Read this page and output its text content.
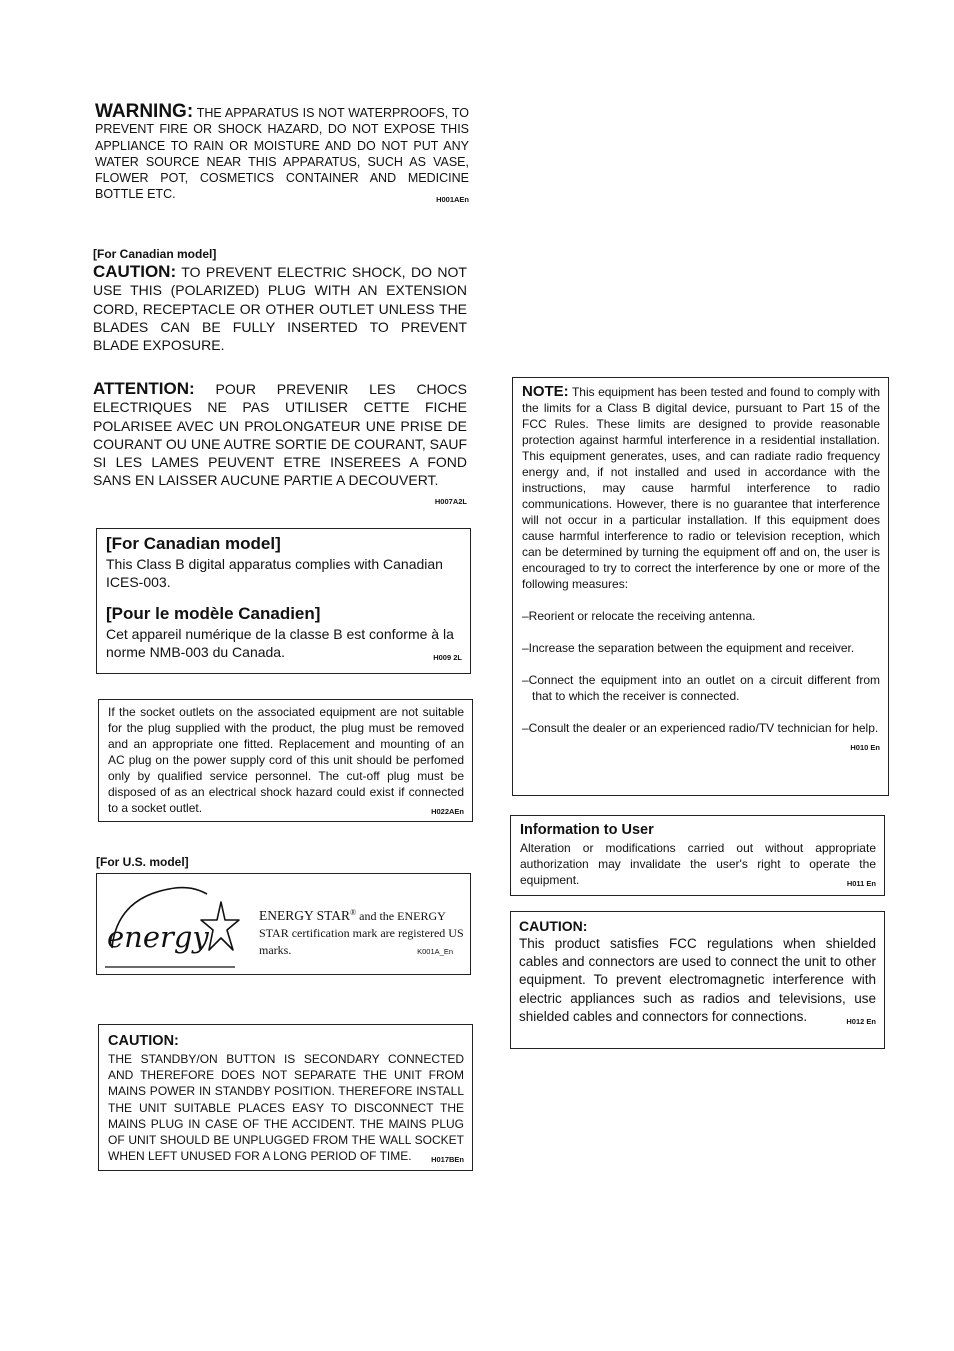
WARNING: THE APPARATUS IS NOT WATERPROOFS, TO PREVENT FIRE OR SHOCK HAZARD, DO NOT EXPOSE THIS APPLIANCE TO RAIN OR MOISTURE AND DO NOT PUT ANY WATER SOURCE NEAR THIS APPARATUS, SUCH AS VASE, FLOWER POT, COSMETICS CONTAINER AND MEDICINE BOTTLE ETC.	H001AEn
[For Canadian model]
CAUTION: TO PREVENT ELECTRIC SHOCK, DO NOT USE THIS (POLARIZED) PLUG WITH AN EXTENSION CORD, RECEPTACLE OR OTHER OUTLET UNLESS THE BLADES CAN BE FULLY INSERTED TO PREVENT BLADE EXPOSURE.
ATTENTION: POUR PREVENIR LES CHOCS ELECTRIQUES NE PAS UTILISER CETTE FICHE POLARISEE AVEC UN PROLONGATEUR UNE PRISE DE COURANT OU UNE AUTRE SORTIE DE COURANT, SAUF SI LES LAMES PEUVENT ETRE INSEREES A FOND SANS EN LAISSER AUCUNE PARTIE A DECOUVERT.
H007A2L
[For Canadian model]
This Class B digital apparatus complies with Canadian ICES-003.
[Pour le modèle Canadien]
Cet appareil numérique de la classe B est conforme à la norme NMB-003 du Canada.	H009 2L
If the socket outlets on the associated equipment are not suitable for the plug supplied with the product, the plug must be removed and an appropriate one fitted. Replacement and mounting of an AC plug on the power supply cord of this unit should be perfomed only by qualified service personnel. The cut-off plug must be disposed of as an electrical shock hazard could exist if connected to a socket outlet.	H022AEn
[For U.S. model]
energy
ENERGY STAR® and the ENERGY STAR certification mark are registered US marks.	K001A_En
CAUTION:
THE STANDBY/ON BUTTON IS SECONDARY CONNECTED AND THEREFORE DOES NOT SEPARATE THE UNIT FROM MAINS POWER IN STANDBY POSITION. THEREFORE INSTALL THE UNIT SUITABLE PLACES EASY TO DISCONNECT THE MAINS PLUG IN CASE OF THE ACCIDENT. THE MAINS PLUG OF UNIT SHOULD BE UNPLUGGED FROM THE WALL SOCKET WHEN LEFT UNUSED FOR A LONG PERIOD OF TIME.	H017BEn
NOTE: This equipment has been tested and found to comply with the limits for a Class B digital device, pursuant to Part 15 of the FCC Rules. These limits are designed to provide reasonable protection against harmful interference in a residential installation. This equipment generates, uses, and can radiate radio frequency energy and, if not installed and used in accordance with the instructions, may cause harmful interference to radio communications. However, there is no guarantee that interference will not occur in a particular installation. If this equipment does cause harmful interference to radio or television reception, which can be determined by turning the equipment off and on, the user is encouraged to try to correct the interference by one or more of the following measures:
–Reorient or relocate the receiving antenna.
–Increase the separation between the equipment and receiver.
–Connect the equipment into an outlet on a circuit different from that to which the receiver is connected.
–Consult the dealer or an experienced radio/TV technician for help.
H010 En
Information to User
Alteration or modifications carried out without appropriate authorization may invalidate the user's right to operate the equipment.	H011 En
CAUTION:
This product satisfies FCC regulations when shielded cables and connectors are used to connect the unit to other equipment. To prevent electromagnetic interference with electric appliances such as radios and televisions, use shielded cables and connectors for connections.	H012 En
